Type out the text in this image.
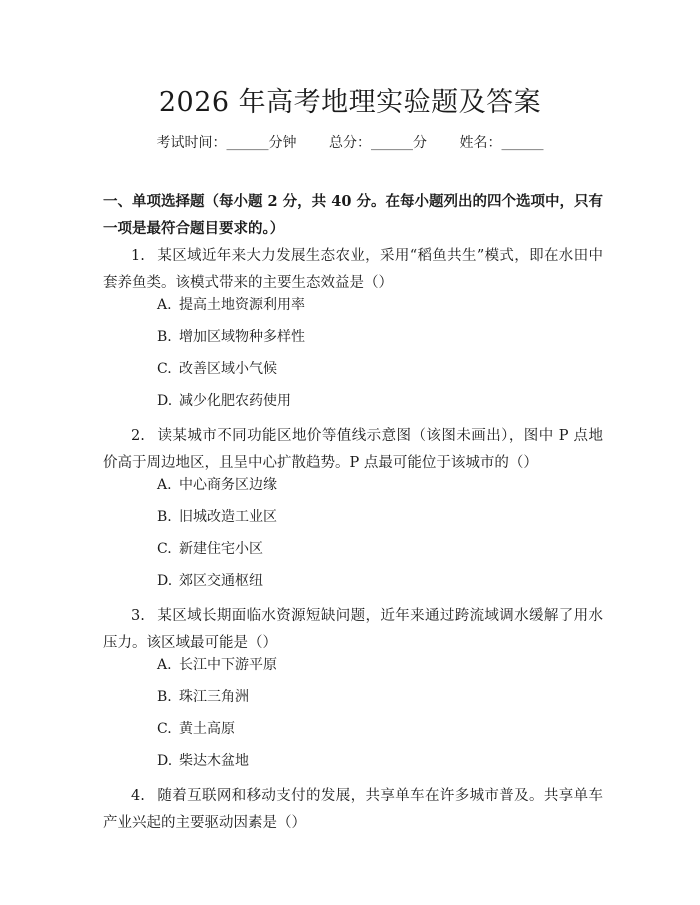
2026 年高考地理实验题及答案
考试时间：______分钟 总分：______分 姓名：______
一、单项选择题（每小题 2 分，共 40 分。在每小题列出的四个选项中，只有一项是最符合题目要求的。）
1. 某区域近年来大力发展生态农业，采用“稻鱼共生”模式，即在水田中套养鱼类。该模式带来的主要生态效益是（）
A. 提高土地资源利用率
B. 增加区域物种多样性
C. 改善区域小气候
D. 减少化肥农药使用
2. 读某城市不同功能区地价等值线示意图（该图未画出），图中 P 点地价高于周边地区，且呈中心扩散趋势。P 点最可能位于该城市的（）
A. 中心商务区边缘
B. 旧城改造工业区
C. 新建住宅小区
D. 郊区交通枢纽
3. 某区域长期面临水资源短缺问题，近年来通过跨流域调水缓解了用水压力。该区域最可能是（）
A. 长江中下游平原
B. 珠江三角洲
C. 黄土高原
D. 柴达木盆地
4. 随着互联网和移动支付的发展，共享单车在许多城市普及。共享单车产业兴起的主要驱动因素是（）
